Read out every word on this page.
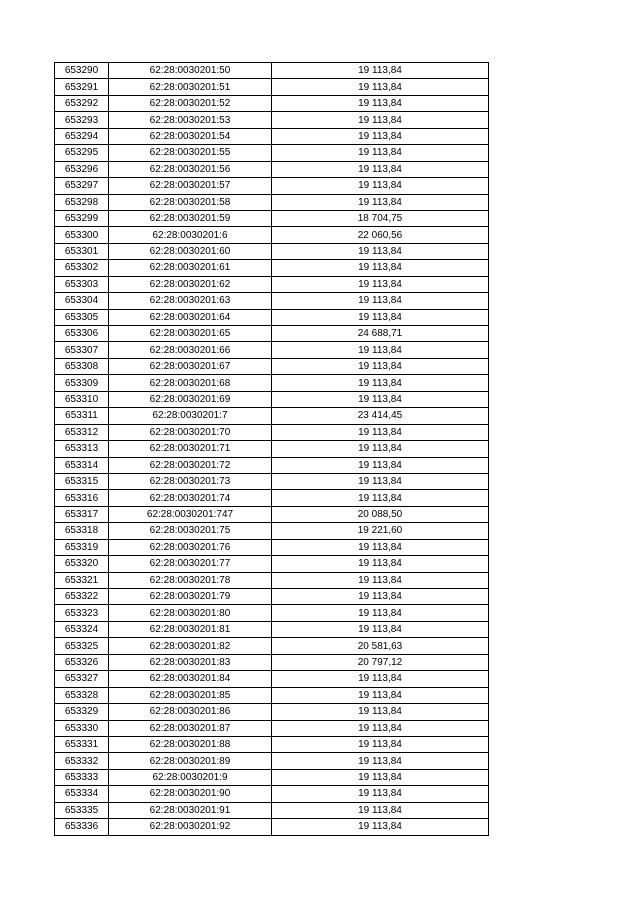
653290	62:28:0030201:50	19 113,84
653291	62:28:0030201:51	19 113,84
653292	62:28:0030201:52	19 113,84
653293	62:28:0030201:53	19 113,84
653294	62:28:0030201:54	19 113,84
653295	62:28:0030201:55	19 113,84
653296	62:28:0030201:56	19 113,84
653297	62:28:0030201:57	19 113,84
653298	62:28:0030201:58	19 113,84
653299	62:28:0030201:59	18 704,75
653300	62:28:0030201:6	22 060,56
653301	62:28:0030201:60	19 113,84
653302	62:28:0030201:61	19 113,84
653303	62:28:0030201:62	19 113,84
653304	62:28:0030201:63	19 113,84
653305	62:28:0030201:64	19 113,84
653306	62:28:0030201:65	24 688,71
653307	62:28:0030201:66	19 113,84
653308	62:28:0030201:67	19 113,84
653309	62:28:0030201:68	19 113,84
653310	62:28:0030201:69	19 113,84
653311	62:28:0030201:7	23 414,45
653312	62:28:0030201:70	19 113,84
653313	62:28:0030201:71	19 113,84
653314	62:28:0030201:72	19 113,84
653315	62:28:0030201:73	19 113,84
653316	62:28:0030201:74	19 113,84
653317	62:28:0030201:747	20 088,50
653318	62:28:0030201:75	19 221,60
653319	62:28:0030201:76	19 113,84
653320	62:28:0030201:77	19 113,84
653321	62:28:0030201:78	19 113,84
653322	62:28:0030201:79	19 113,84
653323	62:28:0030201:80	19 113,84
653324	62:28:0030201:81	19 113,84
653325	62:28:0030201:82	20 581,63
653326	62:28:0030201:83	20 797,12
653327	62:28:0030201:84	19 113,84
653328	62:28:0030201:85	19 113,84
653329	62:28:0030201:86	19 113,84
653330	62:28:0030201:87	19 113,84
653331	62:28:0030201:88	19 113,84
653332	62:28:0030201:89	19 113,84
653333	62:28:0030201:9	19 113,84
653334	62:28:0030201:90	19 113,84
653335	62:28:0030201:91	19 113,84
653336	62:28:0030201:92	19 113,84
